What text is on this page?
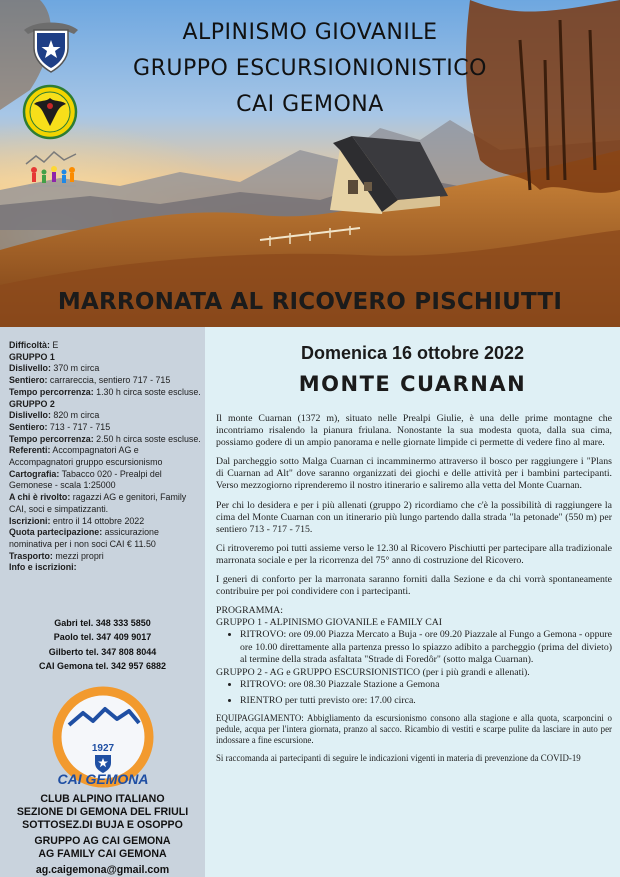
ALPINISMO GIOVANILE
GRUPPO ESCURSIONIONISTICO
CAI GEMONA
MARRONATA AL RICOVERO PISCHIUTTI
Difficoltà: E
GRUPPO 1
Dislivello: 370 m circa
Sentiero: carrareccia, sentiero 717 - 715
Tempo percorrenza: 1.30 h circa soste escluse.
GRUPPO 2
Dislivello: 820 m circa
Sentiero: 713 - 717 - 715
Tempo percorrenza: 2.50 h circa soste escluse.
Referenti: Accompagnatori AG e Accompagnatori gruppo escursionismo
Cartografia: Tabacco 020 - Prealpi del Gemonese - scala 1:25000
A chi è rivolto: ragazzi AG e genitori, Family CAI, soci e simpatizzanti.
Iscrizioni: entro il 14 ottobre 2022
Quota partecipazione: assicurazione nominativa per i non soci CAI € 11.50
Trasporto: mezzi propri
Info e iscrizioni:
Gabri tel. 348 333 5850
Paolo tel. 347 409 9017
Gilberto tel. 347 808 8044
CAI Gemona tel. 342 957 6882
1927
CAI GEMONA
CLUB ALPINO ITALIANO
SEZIONE DI GEMONA DEL FRIULI
SOTTOSEZ.DI BUJA E OSOPPO
GRUPPO AG CAI GEMONA
AG FAMILY CAI GEMONA
ag.caigemona@gmail.com
Domenica 16 ottobre 2022
MONTE CUARNAN

Il monte Cuarnan (1372 m), situato nelle Prealpi Giulie, è una delle prime montagne che incontriamo risalendo la pianura friulana. Nonostante la sua modesta quota, dalla sua cima, possiamo godere di un ampio panorama e nelle giornate limpide ci permette di vedere fino al mare.

Dal parcheggio sotto Malga Cuarnan ci incamminermo attraverso il bosco per raggiungere i "Plans di Cuarnan ad Alt" dove saranno organizzati dei giochi e delle attività per i bambini partecipanti. Verso mezzogiorno riprenderemo il nostro itinerario e saliremo alla vetta del Monte Cuarnan.

Per chi lo desidera e per i più allenati (gruppo 2) ricordiamo che c'è la possibilità di raggiungere la cima del Monte Cuarnan con un itinerario più lungo partendo dalla strada "la petonade" (550 m) per sentiero 713 - 717 - 715.

Ci ritroveremo poi tutti assieme verso le 12.30 al Ricovero Pischiutti per partecipare alla tradizionale marronata sociale e per la ricorrenza del 75° anno di costruzione del Ricovero.

I generi di conforto per la marronata saranno forniti dalla Sezione e da chi vorrà spontaneamente contribuire per poi condividere con i partecipanti.

PROGRAMMA:
GRUPPO 1 - ALPINISMO GIOVANILE e FAMILY CAI
• RITROVO: ore 09.00 Piazza Mercato a Buja - ore 09.20 Piazzale al Fungo a Gemona - oppure ore 10.00 direttamente alla partenza presso lo spiazzo adibito a parcheggio (prima del divieto) al termine della strada asfaltata "Strade di Foredôr" (sotto malga Cuarnan).
GRUPPO 2 - AG e GRUPPO ESCURSIONISTICO (per i più grandi e allenati).
• RITROVO: ore 08.30 Piazzale Stazione a Gemona
• RIENTRO per tutti previsto ore: 17.00 circa.

EQUIPAGGIAMENTO: Abbigliamento da escursionismo consono alla stagione e alla quota, scarponcini o pedule, acqua per l'intera giornata, pranzo al sacco. Ricambio di vestiti e scarpe pulite da lasciare in auto per indossare a fine escursione.

Si raccomanda ai partecipanti di seguire le indicazioni vigenti in materia di prevenzione da COVID-19
